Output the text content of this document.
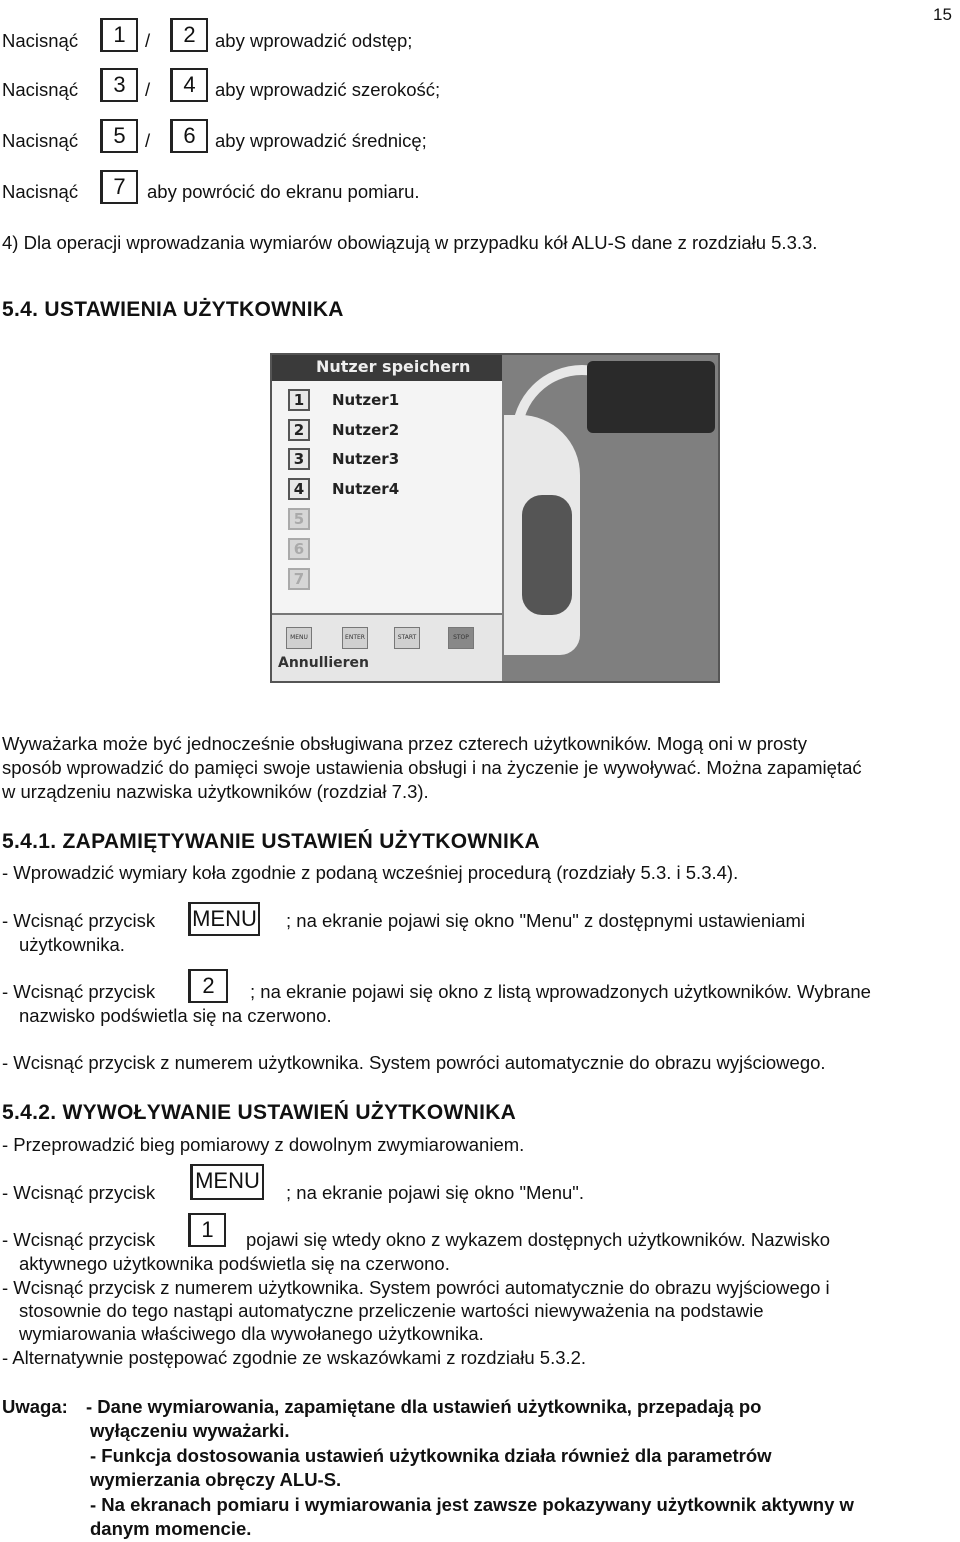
15
Nacisnąć	1	/	2	aby wprowadzić odstęp;
Nacisnąć	3	/	4	aby wprowadzić szerokość;
Nacisnąć	5	/	6	aby wprowadzić średnicę;
Nacisnąć	7	aby powrócić do ekranu pomiaru.
4) Dla operacji wprowadzania wymiarów obowiązują w przypadku kół ALU-S dane z rozdziału 5.3.3.
5.4. USTAWIENIA UŻYTKOWNIKA
Nutzer speichern
1	Nutzer1
2	Nutzer2
3	Nutzer3
4	Nutzer4
5
6
7
MENU	ENTER	START	STOP
Annullieren
Wyważarka może być jednocześnie obsługiwana przez czterech użytkowników. Mogą oni w prosty
sposób wprowadzić do pamięci swoje ustawienia obsługi i na życzenie je wywoływać. Można zapamiętać
w urządzeniu nazwiska użytkowników (rozdział 7.3).
5.4.1. ZAPAMIĘTYWANIE USTAWIEŃ UŻYTKOWNIKA
- Wprowadzić wymiary koła zgodnie z podaną wcześniej procedurą (rozdziały 5.3. i 5.3.4).
- Wcisnąć przycisk MENU ; na ekranie pojawi się okno "Menu" z dostępnymi ustawieniami
użytkownika.
- Wcisnąć przycisk	2	; na ekranie pojawi się okno z listą wprowadzonych użytkowników. Wybrane
nazwisko podświetla się na czerwono.
- Wcisnąć przycisk z numerem użytkownika. System powróci automatycznie do obrazu wyjściowego.
5.4.2. WYWOŁYWANIE USTAWIEŃ UŻYTKOWNIKA
- Przeprowadzić bieg pomiarowy z dowolnym zwymiarowaniem.
- Wcisnąć przycisk MENU ; na ekranie pojawi się okno "Menu".
- Wcisnąć przycisk	1	pojawi się wtedy okno z wykazem dostępnych użytkowników. Nazwisko
aktywnego użytkownika podświetla się na czerwono.
- Wcisnąć przycisk z numerem użytkownika. System powróci automatycznie do obrazu wyjściowego i
stosownie do tego nastąpi automatyczne przeliczenie wartości niewyważenia na podstawie
wymiarowania właściwego dla wywołanego użytkownika.
- Alternatywnie postępować zgodnie ze wskazówkami z rozdziału 5.3.2.
Uwaga: - Dane wymiarowania, zapamiętane dla ustawień użytkownika, przepadają po
wyłączeniu wyważarki.
- Funkcja dostosowania ustawień użytkownika działa również dla parametrów
wymierzania obręczy ALU-S.
- Na ekranach pomiaru i wymiarowania jest zawsze pokazywany użytkownik aktywny w
danym momencie.
